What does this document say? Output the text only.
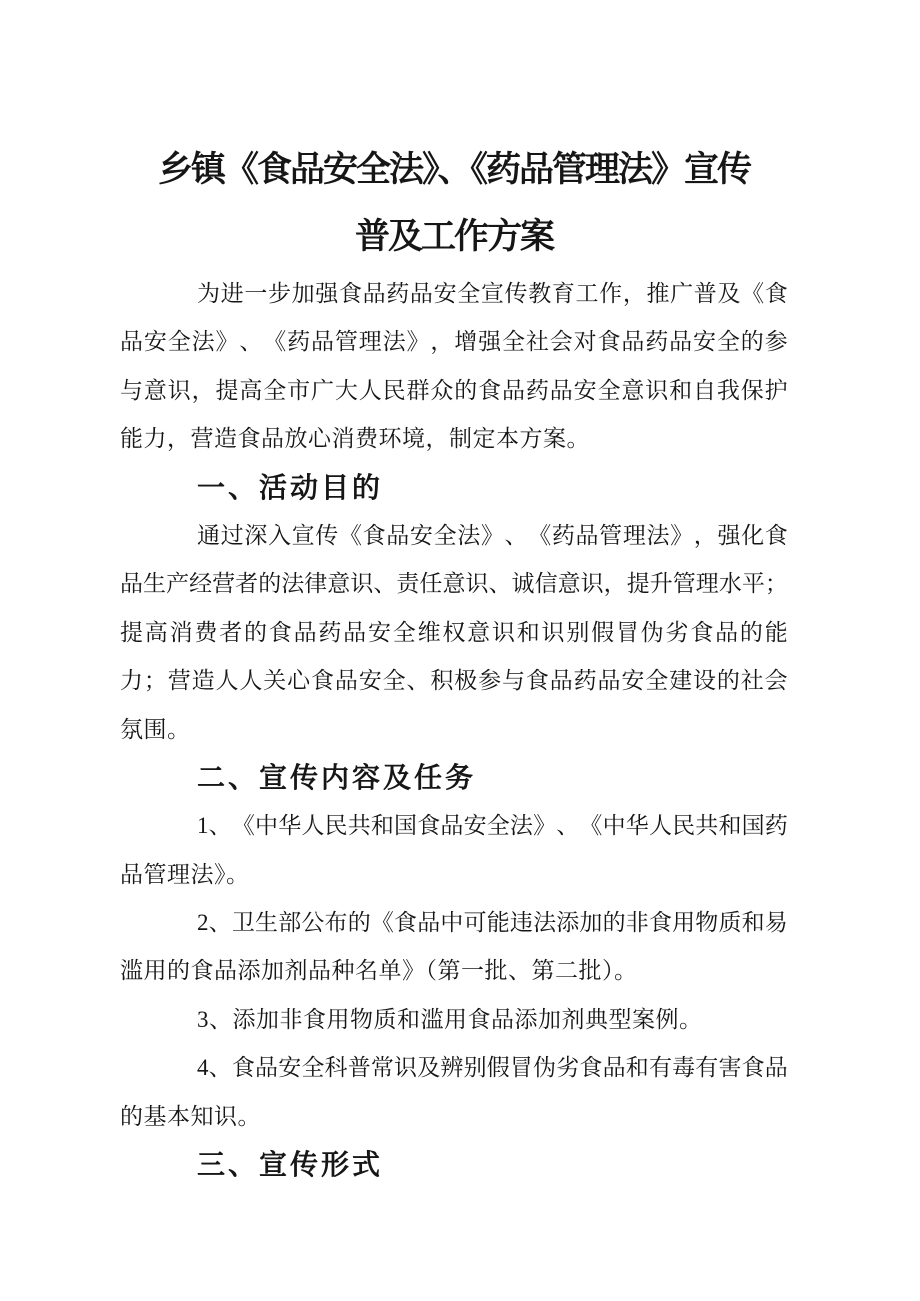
乡镇《食品安全法》、《药品管理法》宣传
普及工作方案
为 进 一 步 加 强 食 品 药 品 安 全 宣 传 教 育 工 作 ， 推 广 普 及 《 食
品 安 全 法 》 、 《 药 品 管 理 法 》 ， 增 强 全 社 会 对 食 品 药 品 安 全 的 参
与 意 识 ， 提 高 全 市 广 大 人 民 群 众 的 食 品 药 品 安 全 意 识 和 自 我 保 护
能力，营造食品放心消费环境，制定本方案。
一、活动目的
通 过 深 入 宣 传 《 食 品 安 全 法 》 、 《 药 品 管 理 法 》 ， 强 化 食
品 生 产 经 营 者 的 法 律 意 识 、 责 任 意 识 、 诚 信 意 识 ， 提 升 管 理 水 平 ；
提 高 消 费 者 的 食 品 药 品 安 全 维 权 意 识 和 识 别 假 冒 伪 劣 食 品 的 能
力 ； 营 造 人 人 关 心 食 品 安 全 、 积 极 参 与 食 品 药 品 安 全 建 设 的 社 会
氛围。
二、宣传内容及任务
1 、 《 中 华 人 民 共 和 国 食 品 安 全 法 》 、 《 中 华 人 民 共 和 国 药
品管理法》。
2 、 卫 生 部 公 布 的 《 食 品 中 可 能 违 法 添 加 的 非 食 用 物 质 和 易
滥用的食品添加剂品种名单》（第一批、第二批）。
3、添加非食用物质和滥用食品添加剂典型案例。
4 、 食 品 安 全 科 普 常 识 及 辨 别 假 冒 伪 劣 食 品 和 有 毒 有 害 食 品
的基本知识。
三、宣传形式
